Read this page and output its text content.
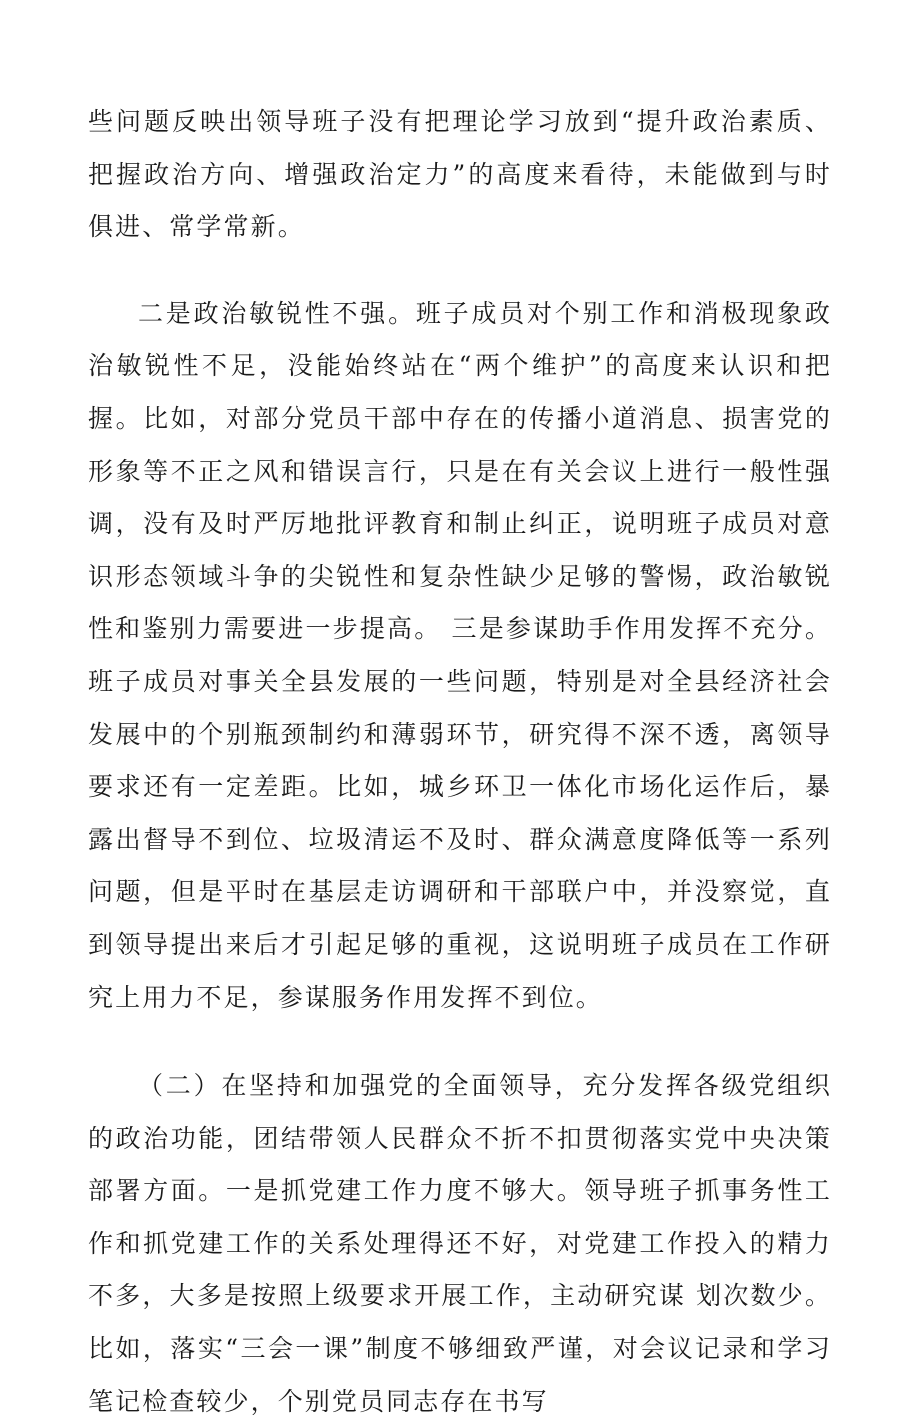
些问题反映出领导班子没有把理论学习放到“提升政治素质、把握政治方向、增强政治定力”的高度来看待，未能做到与时俱进、常学常新。

二是政治敏锐性不强。班子成员对个别工作和消极现象政治敏锐性不足，没能始终站在“两个维护”的高度来认识和把握。比如，对部分党员干部中存在的传播小道消息、损害党的形象等不正之风和错误言行，只是在有关会议上进行一般性强调，没有及时严厉地批评教育和制止纠正，说明班子成员对意识形态领域斗争的尖锐性和复杂性缺少足够的警惕，政治敏锐性和鉴别力需要进一步提高。 三是参谋助手作用发挥不充分。班子成员对事关全县发展的一些问题，特别是对全县经济社会发展中的个别瓶颈制约和薄弱环节，研究得不深不透，离领导要求还有一定差距。比如，城乡环卫一体化市场化运作后，暴露出督导不到位、垃圾清运不及时、群众满意度降低等一系列问题，但是平时在基层走访调研和干部联户中，并没察觉，直到领导提出来后才引起足够的重视，这说明班子成员在工作研究上用力不足，参谋服务作用发挥不到位。

（二）在坚持和加强党的全面领导，充分发挥各级党组织的政治功能，团结带领人民群众不折不扣贯彻落实党中央决策部署方面。一是抓党建工作力度不够大。领导班子抓事务性工作和抓党建工作的关系处理得还不好，对党建工作投入的精力不多，大多是按照上级要求开展工作，主动研究谋 划次数少。比如，落实“三会一课”制度不够细致严谨，对会议记录和学习笔记检查较少，个别党员同志存在书写
